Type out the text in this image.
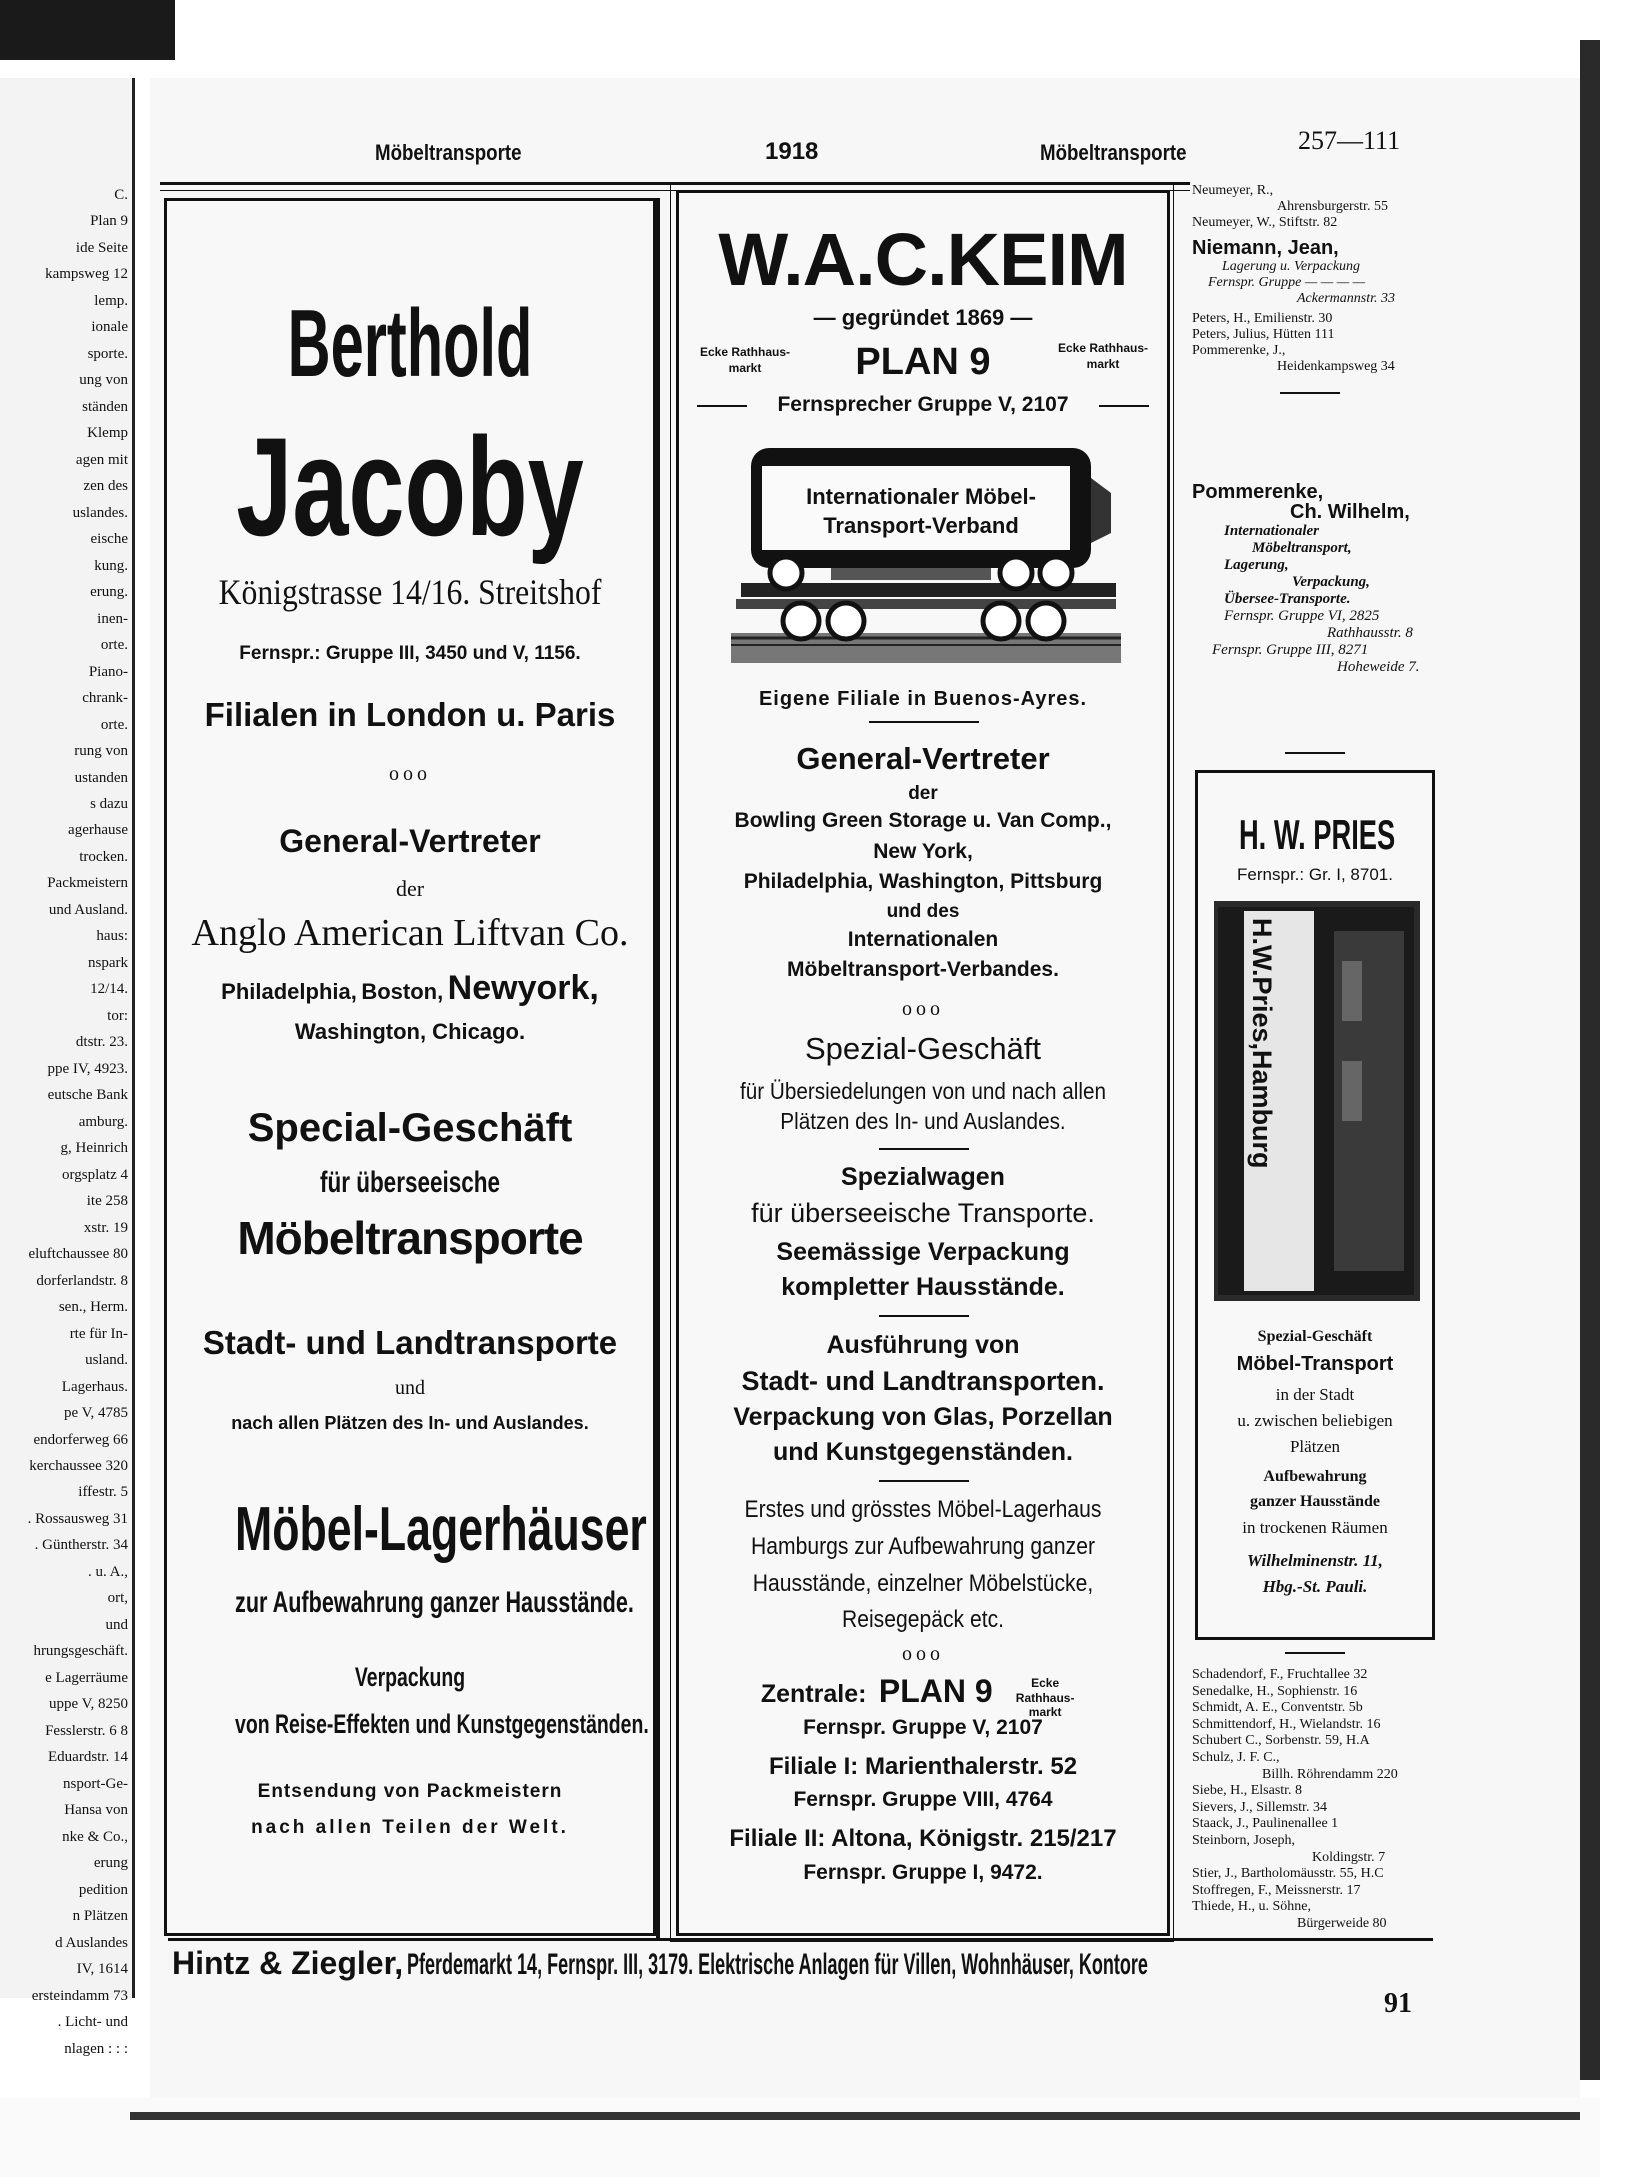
C.
Plan 9
ide Seite
kampsweg 12
lemp.
ionale
sporte.
ung von
ständen
Klemp
agen mit
zen des
uslandes.
eische
kung.
erung.
inen-
orte.
Piano-
chrank-
orte.
rung von
ustanden
s dazu
agerhause
trocken.
Packmeistern
und Ausland.
haus:
nspark
12/14.
tor:
dtstr. 23.
ppe IV, 4923.
eutsche Bank
amburg.
g, Heinrich
orgsplatz 4
ite 258
xstr. 19
eluftchaussee 80
dorferlandstr. 8
sen., Herm.
rte für In-
usland.
Lagerhaus.
pe V, 4785
endorferweg 66
kerchaussee 320
iffestr. 5
. Rossausweg 31
. Güntherstr. 34
. u. A.,
ort,
und
hrungsgeschäft.
e Lagerräume
uppe V, 8250
Fesslerstr. 6 8
Eduardstr. 14
nsport-Ge-
Hansa von
nke & Co.,
erung
pedition
n Plätzen
d Auslandes
IV, 1614
ersteindamm 73
. Licht- und
nlagen : : :
Möbeltransporte	1918	Möbeltransporte	257—111
Berthold
Jacoby
Königstrasse 14/16. Streitshof
Fernspr.: Gruppe III, 3450 und V, 1156.
Filialen in London u. Paris
ooo
General-Vertreter
der
Anglo American Liftvan Co.
Philadelphia, Boston, Newyork,
Washington, Chicago.
Special-Geschäft
für überseeische
Möbeltransporte
Stadt- und Landtransporte
und
nach allen Plätzen des In- und Auslandes.
Möbel-Lagerhäuser
zur Aufbewahrung ganzer Hausstände.
Verpackung
von Reise-Effekten und Kunstgegenständen.
Entsendung von Packmeistern
nach allen Teilen der Welt.
W.A.C.KEIM
— gegründet 1869 —
Ecke Rathhaus-markt	PLAN 9	Ecke Rathhaus-markt
Fernsprecher Gruppe V, 2107
Internationaler Möbel-Transport-Verband
Eigene Filiale in Buenos-Ayres.
General-Vertreter
der
Bowling Green Storage u. Van Comp.,
New York,
Philadelphia, Washington, Pittsburg
und des
Internationalen
Möbeltransport-Verbandes.
ooo
Spezial-Geschäft
für Übersiedelungen von und nach allen
Plätzen des In- und Auslandes.
Spezialwagen
für überseeische Transporte.
Seemässige Verpackung
kompletter Hausstände.
Ausführung von
Stadt- und Landtransporten.
Verpackung von Glas, Porzellan
und Kunstgegenständen.
Erstes und grösstes Möbel-Lagerhaus
Hamburgs zur Aufbewahrung ganzer
Hausstände, einzelner Möbelstücke,
Reisegepäck etc.
ooo
Zentrale: PLAN 9	Ecke Rathhaus-markt
Fernspr. Gruppe V, 2107
Filiale I: Marienthalerstr. 52
Fernspr. Gruppe VIII, 4764
Filiale II: Altona, Königstr. 215/217
Fernspr. Gruppe I, 9472.
Neumeyer, R.,
Ahrensburgerstr. 55
Neumeyer, W., Stiftstr. 82
Niemann, Jean,
Lagerung u. Verpackung
Fernspr. Gruppe — — — —
Ackermannstr. 33
Peters, H., Emilienstr. 30
Peters, Julius, Hütten 111
Pommerenke, J.,
Heidenkampsweg 34
Pommerenke,
Ch. Wilhelm,
Internationaler
Möbeltransport,
Lagerung,
Verpackung,
Übersee-Transporte.
Fernspr. Gruppe VI, 2825
Rathhausstr. 8
Fernspr. Gruppe III, 8271
Hoheweide 7.
H. W. PRIES
Fernspr.: Gr. I, 8701.
H.W.Pries,Hamburg
Spezial-Geschäft
Möbel-Transport
in der Stadt
u. zwischen beliebigen
Plätzen
Aufbewahrung
ganzer Hausstände
in trockenen Räumen
Wilhelminenstr. 11,
Hbg.-St. Pauli.
Schadendorf, F., Fruchtallee 32
Senedalke, H., Sophienstr. 16
Schmidt, A. E., Conventstr. 5b
Schmittendorf, H., Wielandstr. 16
Schubert C., Sorbenstr. 59, H.A
Schulz, J. F. C.,
Billh. Röhrendamm 220
Siebe, H., Elsastr. 8
Sievers, J., Sillemstr. 34
Staack, J., Paulinenallee 1
Steinborn, Joseph,
Koldingstr. 7
Stier, J., Bartholomäusstr. 55, H.C
Stoffregen, F., Meissnerstr. 17
Thiede, H., u. Söhne,
Bürgerweide 80
Hintz & Ziegler, Pferdemarkt 14, Fernspr. III, 3179. Elektrische Anlagen für Villen, Wohnhäuser, Kontore
91
